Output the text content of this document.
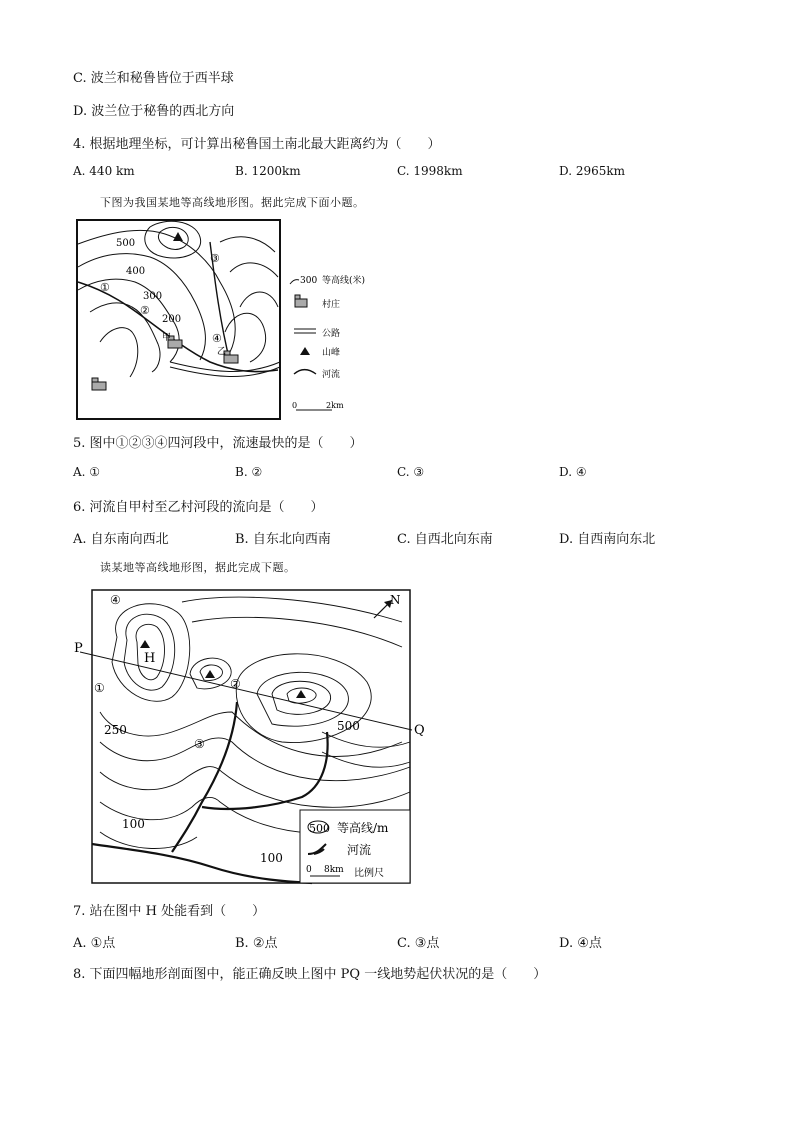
C. 波兰和秘鲁皆位于西半球
D. 波兰位于秘鲁的西北方向
4. 根据地理坐标，可计算出秘鲁国土南北最大距离约为（　　）
A. 440 km	B. 1200km	C. 1998km	D. 2965km
下图为我国某地等高线地形图。据此完成下面小题。
500
400
300
200
①
②
③
④
甲
乙
300 等高线(米)
村庄
公路
山峰
河流
0	2km
5. 图中①②③④四河段中，流速最快的是（　　）
A. ①	B. ②	C. ③	D. ④
6. 河流自甲村至乙村河段的流向是（　　）
A. 自东南向西北	B. 自东北向西南	C. 自西北向东南	D. 自西南向东北
读某地等高线地形图，据此完成下题。
N
P
Q
H
①	②
③
④
250	500
100
100
500 等高线/m
河流
0 8km 比例尺
7. 站在图中 H 处能看到（　　）
A. ①点	B. ②点	C. ③点	D. ④点
8. 下面四幅地形剖面图中，能正确反映上图中 PQ 一线地势起伏状况的是（　　）
